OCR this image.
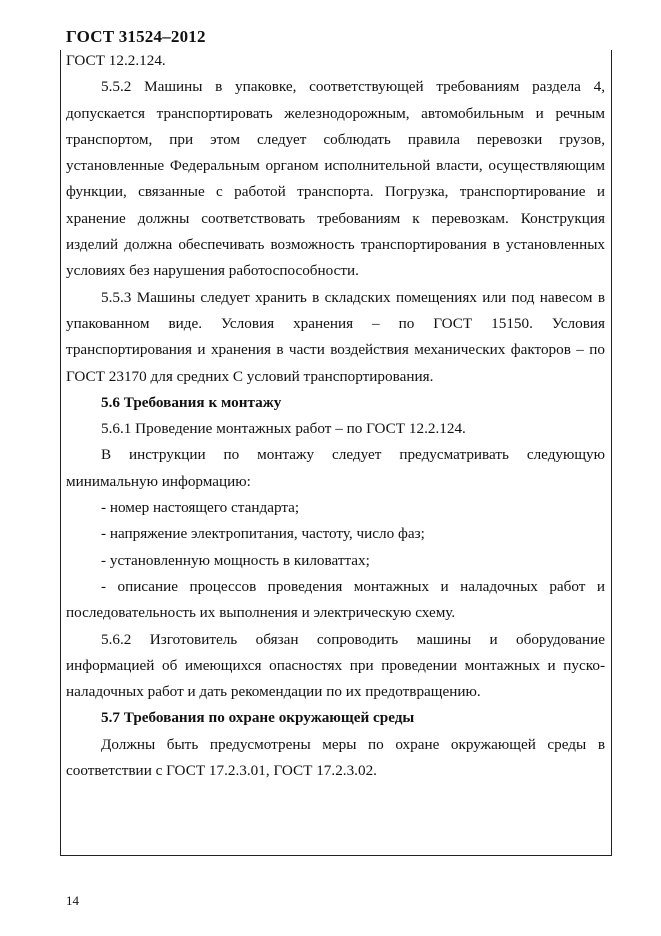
ГОСТ 31524–2012

ГОСТ 12.2.124.

5.5.2 Машины в упаковке, соответствующей требованиям раздела 4, допускается транспортировать железнодорожным, автомобильным и речным транспортом, при этом следует соблюдать правила перевозки грузов, установленные Федеральным органом исполнительной власти, осуществляющим функции, связанные с работой транспорта. Погрузка, транспортирование и хранение должны соответствовать требованиям к перевозкам. Конструкция изделий должна обеспечивать возможность транспортирования в установленных условиях без нарушения работоспособности.

5.5.3 Машины следует хранить в складских помещениях или под навесом в упакованном виде. Условия хранения – по ГОСТ 15150. Условия транспортирования и хранения в части воздействия механических факторов – по ГОСТ 23170 для средних С условий транспортирования.

5.6 Требования к монтажу

5.6.1 Проведение монтажных работ – по ГОСТ 12.2.124.

В инструкции по монтажу следует предусматривать следующую минимальную информацию:

- номер настоящего стандарта;

- напряжение электропитания, частоту, число фаз;

- установленную мощность в киловаттах;

- описание процессов проведения монтажных и наладочных работ и последовательность их выполнения и электрическую схему.

5.6.2 Изготовитель обязан сопроводить машины и оборудование информацией об имеющихся опасностях при проведении монтажных и пуско-наладочных работ и дать рекомендации по их предотвращению.

5.7 Требования по охране окружающей среды

Должны быть предусмотрены меры по охране окружающей среды в соответствии с ГОСТ 17.2.3.01, ГОСТ 17.2.3.02.

14
